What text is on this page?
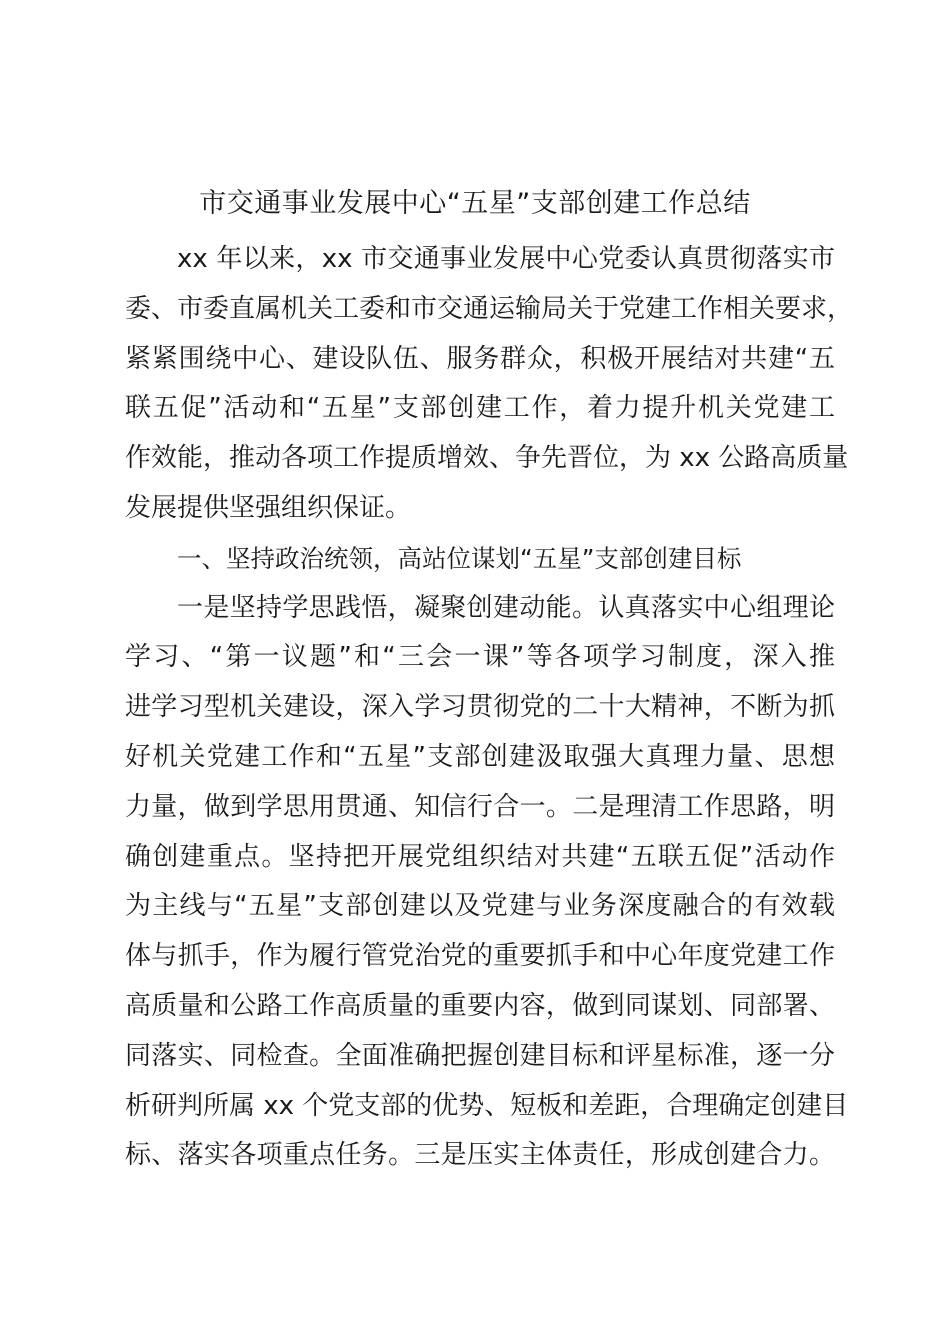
市交通事业发展中心“五星”支部创建工作总结
xx 年以来，xx 市交通事业发展中心党委认真贯彻落实市
委、市委直属机关工委和市交通运输局关于党建工作相关要求，
紧紧围绕中心、建设队伍、服务群众，积极开展结对共建“五
联五促”活动和“五星”支部创建工作，着力提升机关党建工
作效能，推动各项工作提质增效、争先晋位，为 xx 公路高质量
发展提供坚强组织保证。
一、坚持政治统领，高站位谋划“五星”支部创建目标
一是坚持学思践悟，凝聚创建动能。认真落实中心组理论
学习、“第一议题”和“三会一课”等各项学习制度，深入推
进学习型机关建设，深入学习贯彻党的二十大精神，不断为抓
好机关党建工作和“五星”支部创建汲取强大真理力量、思想
力量，做到学思用贯通、知信行合一。二是理清工作思路，明
确创建重点。坚持把开展党组织结对共建“五联五促”活动作
为主线与“五星”支部创建以及党建与业务深度融合的有效载
体与抓手，作为履行管党治党的重要抓手和中心年度党建工作
高质量和公路工作高质量的重要内容，做到同谋划、同部署、
同落实、同检查。全面准确把握创建目标和评星标准，逐一分
析研判所属 xx 个党支部的优势、短板和差距，合理确定创建目
标、落实各项重点任务。三是压实主体责任，形成创建合力。
